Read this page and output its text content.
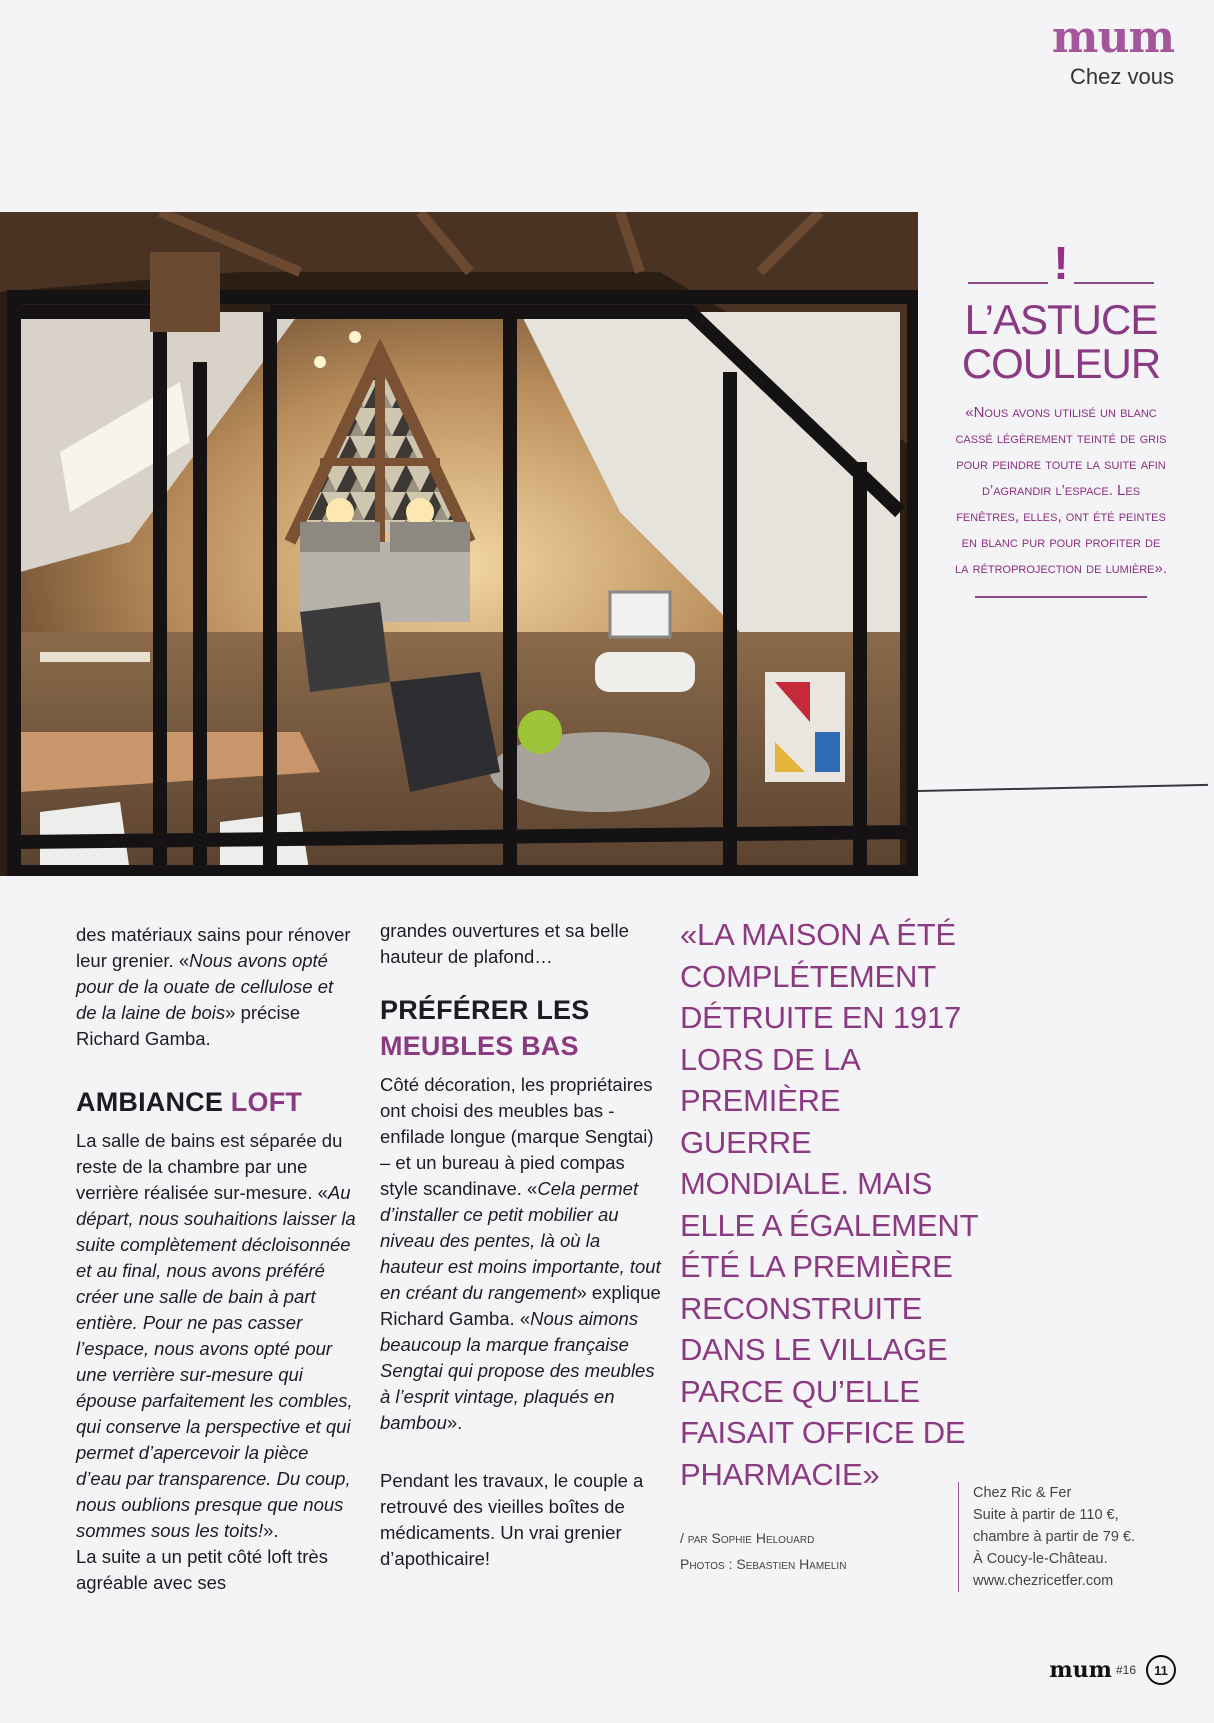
mum
Chez vous
!
L’ASTUCE
COULEUR
«Nous avons utilisé un blanc cassé légèrement teinté de gris pour peindre toute la suite afin d’agrandir l’espace. Les fenêtres, elles, ont été peintes en blanc pur pour profiter de la rétroprojection de lumière».

des matériaux sains pour rénover leur grenier. «Nous avons opté pour de la ouate de cellulose et de la laine de bois» précise Richard Gamba.

AMBIANCE LOFT

La salle de bains est séparée du reste de la chambre par une verrière réalisée sur-mesure. «Au départ, nous souhaitions laisser la suite complètement décloisonnée et au final, nous avons préféré créer une salle de bain à part entière. Pour ne pas casser l’espace, nous avons opté pour une verrière sur-mesure qui épouse parfaitement les combles, qui conserve la perspective et qui permet d’apercevoir la pièce d’eau par transparence. Du coup, nous oublions presque que nous sommes sous les toits!».

La suite a un petit côté loft très agréable avec ses

grandes ouvertures et sa belle hauteur de plafond…

PRÉFÉRER LES
MEUBLES BAS

Côté décoration, les propriétaires ont choisi des meubles bas - enfilade longue (marque Sengtai) – et un bureau à pied compas style scandinave. «Cela permet d’installer ce petit mobilier au niveau des pentes, là où la hauteur est moins importante, tout en créant du rangement» explique Richard Gamba. «Nous aimons beaucoup la marque française Sengtai qui propose des meubles à l’esprit vintage, plaqués en bambou».

Pendant les travaux, le couple a retrouvé des vieilles boîtes de médicaments. Un vrai grenier d’apothicaire!

«LA MAISON A ÉTÉ COMPLÉTEMENT DÉTRUITE EN 1917 LORS DE LA PREMIÈRE GUERRE MONDIALE. MAIS ELLE A ÉGALEMENT ÉTÉ LA PREMIÈRE RECONSTRUITE DANS LE VILLAGE PARCE QU’ELLE FAISAIT OFFICE DE PHARMACIE»
/ par Sophie Helouard
Photos : Sebastien Hamelin
Chez Ric & Fer
Suite à partir de 110 €,
chambre à partir de 79 €.
À Coucy-le-Château.
www.chezricetfer.com
mum #16	11
